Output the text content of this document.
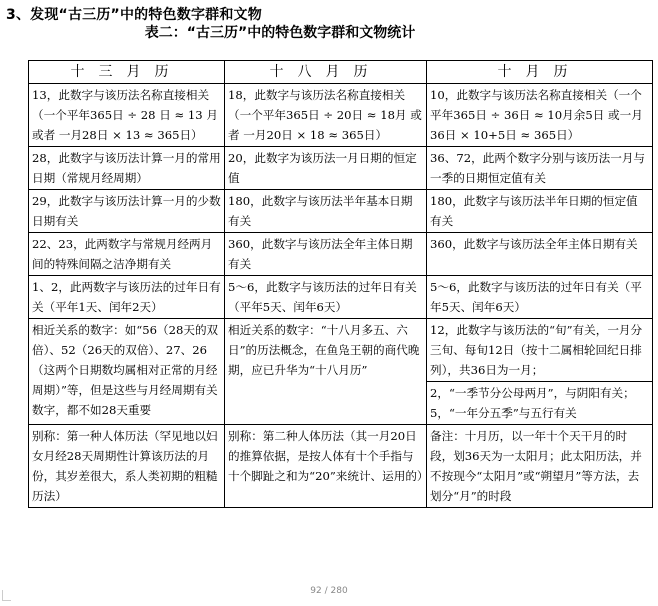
3、发现“古三历”中的特色数字群和文物
表二：“古三历”中的特色数字群和文物统计
十三月历	十八月历	十月历
13，此数字与该历法名称直接相关（一个平年365日 ÷ 28 日 ≈ 13 月 或者 一月28日 × 13 ≈ 365日）	18，此数字与该历法名称直接相关（一个平年365日 ÷ 20日 ≈ 18月 或者 一月20日 × 18 ≈ 365日）	10，此数字与该历法名称直接相关（一个平年365日 ÷ 36日 ≈ 10月余5日 或一月36日 × 10+5日 ≈ 365日）
28，此数字与该历法计算一月的常用日期（常规月经周期）	20，此数字为该历法一月日期的恒定值	36、72，此两个数字分别与该历法一月与一季的日期恒定值有关
29，此数字与该历法计算一月的少数日期有关	180，此数字与该历法半年基本日期有关	180，此数字与该历法半年日期的恒定值有关
22、23，此两数字与常规月经两月间的特殊间隔之洁净期有关	360，此数字与该历法全年主体日期有关	360，此数字与该历法全年主体日期有关
1、2，此两数字与该历法的过年日有关（平年1天、闰年2天）	5～6，此数字与该历法的过年日有关（平年5天、闰年6天）	5～6，此数字与该历法的过年日有关（平年5天、闰年6天）
相近关系的数字：如“56（28天的双倍）、52（26天的双倍）、27、26（这两个日期数均属相对正常的月经周期）”等，但是这些与月经周期有关数字，都不如28天重要	相近关系的数字：“十八月多五、六日”的历法概念，在鱼凫王朝的商代晚期，应已升华为“十八月历”	12，此数字与该历法的“旬”有关，一月分三旬、每旬12日（按十二属相轮回纪日排列），共36日为一月；
		2，“一季节分公母两月”，与阴阳有关；5，“一年分五季”与五行有关
别称：第一种人体历法（罕见地以妇女月经28天周期性计算该历法的月份，其岁差很大，系人类初期的粗糙历法）	别称：第二种人体历法（其一月20日的推算依据，是按人体有十个手指与十个脚趾之和为“20”来统计、运用的）	备注：十月历，以一年十个天干月的时段，划36天为一太阳月；此太阳历法，并不按现今“太阳月”或“朔望月”等方法，去划分“月”的时段
92 / 280
